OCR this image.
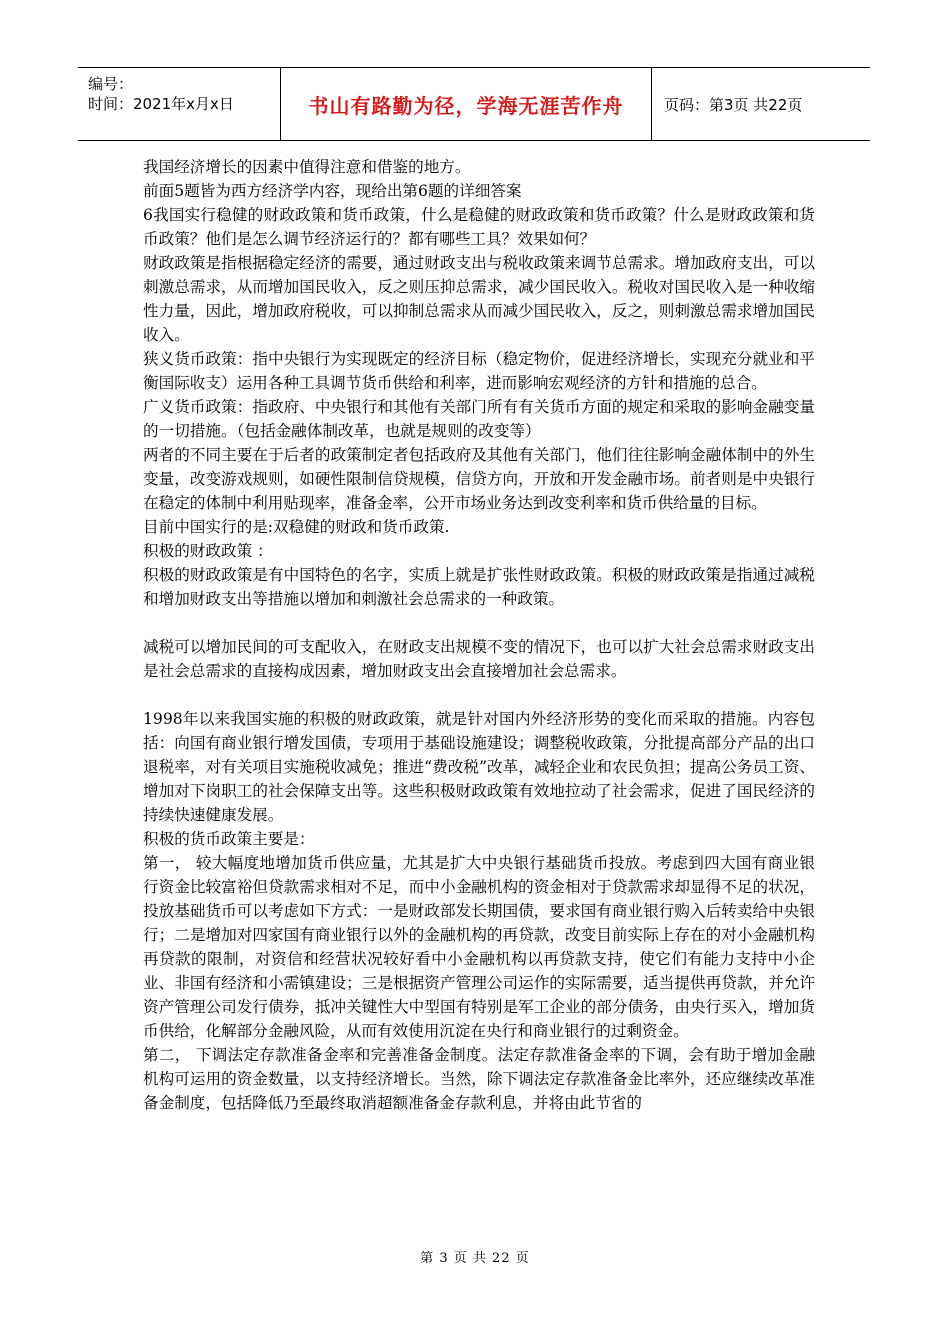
编号：
时间：2021年x月x日	书山有路勤为径，学海无涯苦作舟	页码：第3页 共22页

我国经济增长的因素中值得注意和借鉴的地方。

前面5题皆为西方经济学内容，现给出第6题的详细答案

6我国实行稳健的财政政策和货币政策，什么是稳健的财政政策和货币政策？什么是财政政策和货币政策？他们是怎么调节经济运行的？都有哪些工具？效果如何？

财政政策是指根据稳定经济的需要，通过财政支出与税收政策来调节总需求。增加政府支出，可以刺激总需求，从而增加国民收入，反之则压抑总需求，减少国民收入。税收对国民收入是一种收缩性力量，因此，增加政府税收，可以抑制总需求从而减少国民收入，反之，则刺激总需求增加国民收入。

狭义货币政策：指中央银行为实现既定的经济目标（稳定物价，促进经济增长，实现充分就业和平衡国际收支）运用各种工具调节货币供给和利率，进而影响宏观经济的方针和措施的总合。

广义货币政策：指政府、中央银行和其他有关部门所有有关货币方面的规定和采取的影响金融变量的一切措施。（包括金融体制改革，也就是规则的改变等）

两者的不同主要在于后者的政策制定者包括政府及其他有关部门，他们往往影响金融体制中的外生变量，改变游戏规则，如硬性限制信贷规模，信贷方向，开放和开发金融市场。前者则是中央银行在稳定的体制中利用贴现率，准备金率，公开市场业务达到改变利率和货币供给量的目标。

目前中国实行的是:双稳健的财政和货币政策.

积极的财政政策 ：

积极的财政政策是有中国特色的名字，实质上就是扩张性财政政策。积极的财政政策是指通过减税和增加财政支出等措施以增加和刺激社会总需求的一种政策。

减税可以增加民间的可支配收入，在财政支出规模不变的情况下，也可以扩大社会总需求财政支出是社会总需求的直接构成因素，增加财政支出会直接增加社会总需求。

1998年以来我国实施的积极的财政政策，就是针对国内外经济形势的变化而采取的措施。内容包括：向国有商业银行增发国债，专项用于基础设施建设；调整税收政策，分批提高部分产品的出口退税率，对有关项目实施税收减免；推进“费改税”改革，减轻企业和农民负担；提高公务员工资、增加对下岗职工的社会保障支出等。这些积极财政政策有效地拉动了社会需求，促进了国民经济的持续快速健康发展。

积极的货币政策主要是：

第一， 较大幅度地增加货币供应量，尤其是扩大中央银行基础货币投放。考虑到四大国有商业银行资金比较富裕但贷款需求相对不足，而中小金融机构的资金相对于贷款需求却显得不足的状况，投放基础货币可以考虑如下方式：一是财政部发长期国债，要求国有商业银行购入后转卖给中央银行；二是增加对四家国有商业银行以外的金融机构的再贷款，改变目前实际上存在的对小金融机构再贷款的限制，对资信和经营状况较好看中小金融机构以再贷款支持，使它们有能力支持中小企业、非国有经济和小需镇建设；三是根据资产管理公司运作的实际需要，适当提供再贷款，并允许资产管理公司发行债券，抵冲关键性大中型国有特别是军工企业的部分债务，由央行买入，增加货币供给，化解部分金融风险，从而有效使用沉淀在央行和商业银行的过剩资金。

第二， 下调法定存款准备金率和完善准备金制度。法定存款准备金率的下调，会有助于增加金融机构可运用的资金数量，以支持经济增长。当然，除下调法定存款准备金比率外，还应继续改革准备金制度，包括降低乃至最终取消超额准备金存款利息，并将由此节省的

第 3 页 共 22 页
